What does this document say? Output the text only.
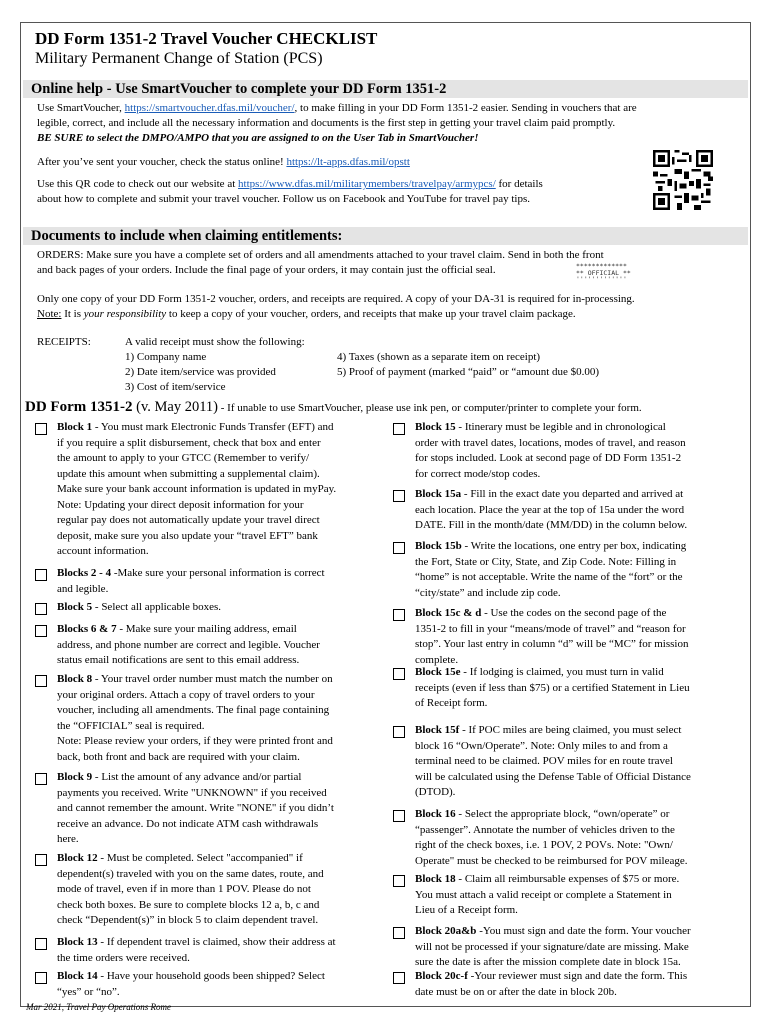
DD Form 1351-2 Travel Voucher CHECKLIST
Military Permanent Change of Station (PCS)
Online help - Use SmartVoucher to complete your DD Form 1351-2
Use SmartVoucher, https://smartvoucher.dfas.mil/voucher/, to make filling in your DD Form 1351-2 easier. Sending in vouchers that are
legible, correct, and include all the necessary information and documents is the first step in getting your travel claim paid promptly.
BE SURE to select the DMPO/AMPO that you are assigned to on the User Tab in SmartVoucher!
After you’ve sent your voucher, check the status online! https://lt-apps.dfas.mil/opstt
Use this QR code to check out our website at https://www.dfas.mil/militarymembers/travelpay/armypcs/ for details
about how to complete and submit your travel voucher. Follow us on Facebook and YouTube for travel pay tips.
Documents to include when claiming entitlements:
ORDERS: Make sure you have a complete set of orders and all amendments attached to your travel claim. Send in both the front
and back pages of your orders. Include the final page of your orders, it may contain just the official seal.	*************
** OFFICIAL **
'''''''''''''
Only one copy of your DD Form 1351-2 voucher, orders, and receipts are required. A copy of your DA-31 is required for in-processing.
Note: It is your responsibility to keep a copy of your voucher, orders, and receipts that make up your travel claim package.
RECEIPTS:	A valid receipt must show the following:
1) Company name
2) Date item/service was provided
3) Cost of item/service
4) Taxes (shown as a separate item on receipt)
5) Proof of payment (marked “paid” or “amount due $0.00)
DD Form 1351-2 (v. May 2011) - If unable to use SmartVoucher, please use ink pen, or computer/printer to complete your form.
Block 1 - You must mark Electronic Funds Transfer (EFT) and
if you require a split disbursement, check that box and enter
the amount to apply to your GTCC (Remember to verify/
update this amount when submitting a supplemental claim).
Make sure your bank account information is updated in myPay.
Note: Updating your direct deposit information for your
regular pay does not automatically update your travel direct
deposit, make sure you also update your “travel EFT” bank
account information.
Blocks 2 - 4 -Make sure your personal information is correct
and legible.
Block 5 - Select all applicable boxes.
Blocks 6 & 7 - Make sure your mailing address, email
address, and phone number are correct and legible. Voucher
status email notifications are sent to this email address.
Block 8 - Your travel order number must match the number on
your original orders. Attach a copy of travel orders to your
voucher, including all amendments. The final page containing
the “OFFICIAL” seal is required.
Note: Please review your orders, if they were printed front and
back, both front and back are required with your claim.
Block 9 - List the amount of any advance and/or partial
payments you received. Write "UNKNOWN" if you received
and cannot remember the amount. Write "NONE" if you didn’t
receive an advance. Do not indicate ATM cash withdrawals
here.
Block 12 - Must be completed. Select "accompanied" if
dependent(s) traveled with you on the same dates, route, and
mode of travel, even if in more than 1 POV. Please do not
check both boxes. Be sure to complete blocks 12 a, b, c and
check “Dependent(s)” in block 5 to claim dependent travel.
Block 13 - If dependent travel is claimed, show their address at
the time orders were received.
Block 14 - Have your household goods been shipped? Select
“yes” or “no”.
Block 15 - Itinerary must be legible and in chronological
order with travel dates, locations, modes of travel, and reason
for stops included. Look at second page of DD Form 1351-2
for correct mode/stop codes.
Block 15a - Fill in the exact date you departed and arrived at
each location. Place the year at the top of 15a under the word
DATE. Fill in the month/date (MM/DD) in the column below.
Block 15b - Write the locations, one entry per box, indicating
the Fort, State or City, State, and Zip Code. Note: Filling in
“home” is not acceptable. Write the name of the “fort” or the
“city/state” and include zip code.
Block 15c & d - Use the codes on the second page of the
1351-2 to fill in your “means/mode of travel” and “reason for
stop”. Your last entry in column “d” will be “MC” for mission
complete.
Block 15e - If lodging is claimed, you must turn in valid
receipts (even if less than $75) or a certified Statement in Lieu
of Receipt form.
Block 15f - If POC miles are being claimed, you must select
block 16 “Own/Operate”. Note: Only miles to and from a
terminal need to be claimed. POV miles for en route travel
will be calculated using the Defense Table of Official Distance
(DTOD).
Block 16 - Select the appropriate block, “own/operate” or
“passenger”. Annotate the number of vehicles driven to the
right of the check boxes, i.e. 1 POV, 2 POVs. Note: "Own/
Operate" must be checked to be reimbursed for POV mileage.
Block 18 - Claim all reimbursable expenses of $75 or more.
You must attach a valid receipt or complete a Statement in
Lieu of a Receipt form.
Block 20a&b -You must sign and date the form. Your voucher
will not be processed if your signature/date are missing. Make
sure the date is after the mission complete date in block 15a.
Block 20c-f -Your reviewer must sign and date the form. This
date must be on or after the date in block 20b.
Mar 2021, Travel Pay Operations Rome
